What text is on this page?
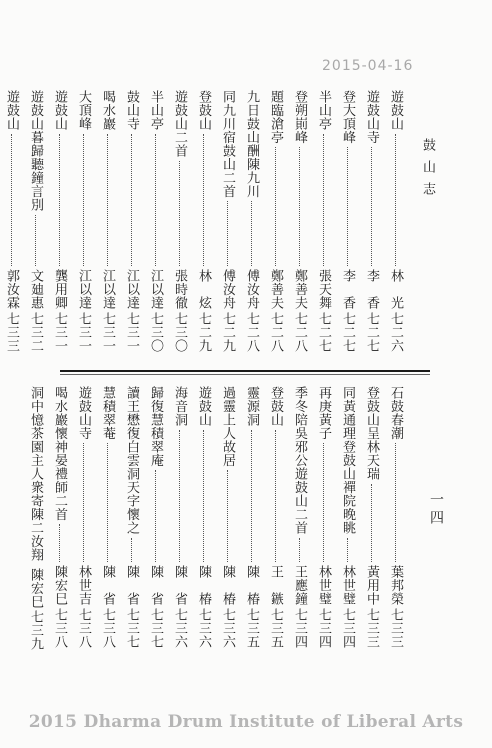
2015-04-16
鼓山志
一四
遊鼓山
林　光
七二六
遊鼓山寺
李　香
七二七
登大頂峰
李　香
七二七
半山亭
張天舞
七二七
登朔崱峰
鄭善夫
七二八
題臨滄亭
鄭善夫
七二八
九日鼓山酬陳九川
傅汝舟
七二八
同九川宿鼓山二首
傅汝舟
七二九
登鼓山
林　炫
七二九
遊鼓山二首
張時徹
七三〇
半山亭
江以達
七三〇
鼓山寺
江以達
七三一
喝水巖
江以達
七三一
大頂峰
江以達
七三一
遊鼓山
龔用卿
七三一
遊鼓山暮歸聽鐘言別
文廸惠
七三二
遊鼓山
郭汝霖
七三三
石鼓春潮
葉邦榮
七三三
登鼓山呈林天瑞
黃用中
七三三
同黃通理登鼓山禪院晚眺
林世璧
七三四
再庚黃子
林世璧
七三四
季冬陪吳邪公遊鼓山二首
王應鐘
七三四
登鼓山
王　鏃
七三五
靈源洞
陳　椿
七三五
過靈上人故居
陳　椿
七三六
遊鼓山
陳　椿
七三六
海音洞
陳　省
七三六
歸復慧積翠庵
陳　省
七三七
讀王懋復白雲洞天字懷之
陳　省
七三七
慧積翠菴
陳　省
七三八
遊鼓山寺
林世吉
七三八
喝水巖懷神晏禮師二首
陳宏巳
七三八
洞中憶茶園主人衆寄陳二汝翔
陳宏巳
七三九
2015 Dharma Drum Institute of Liberal Arts
